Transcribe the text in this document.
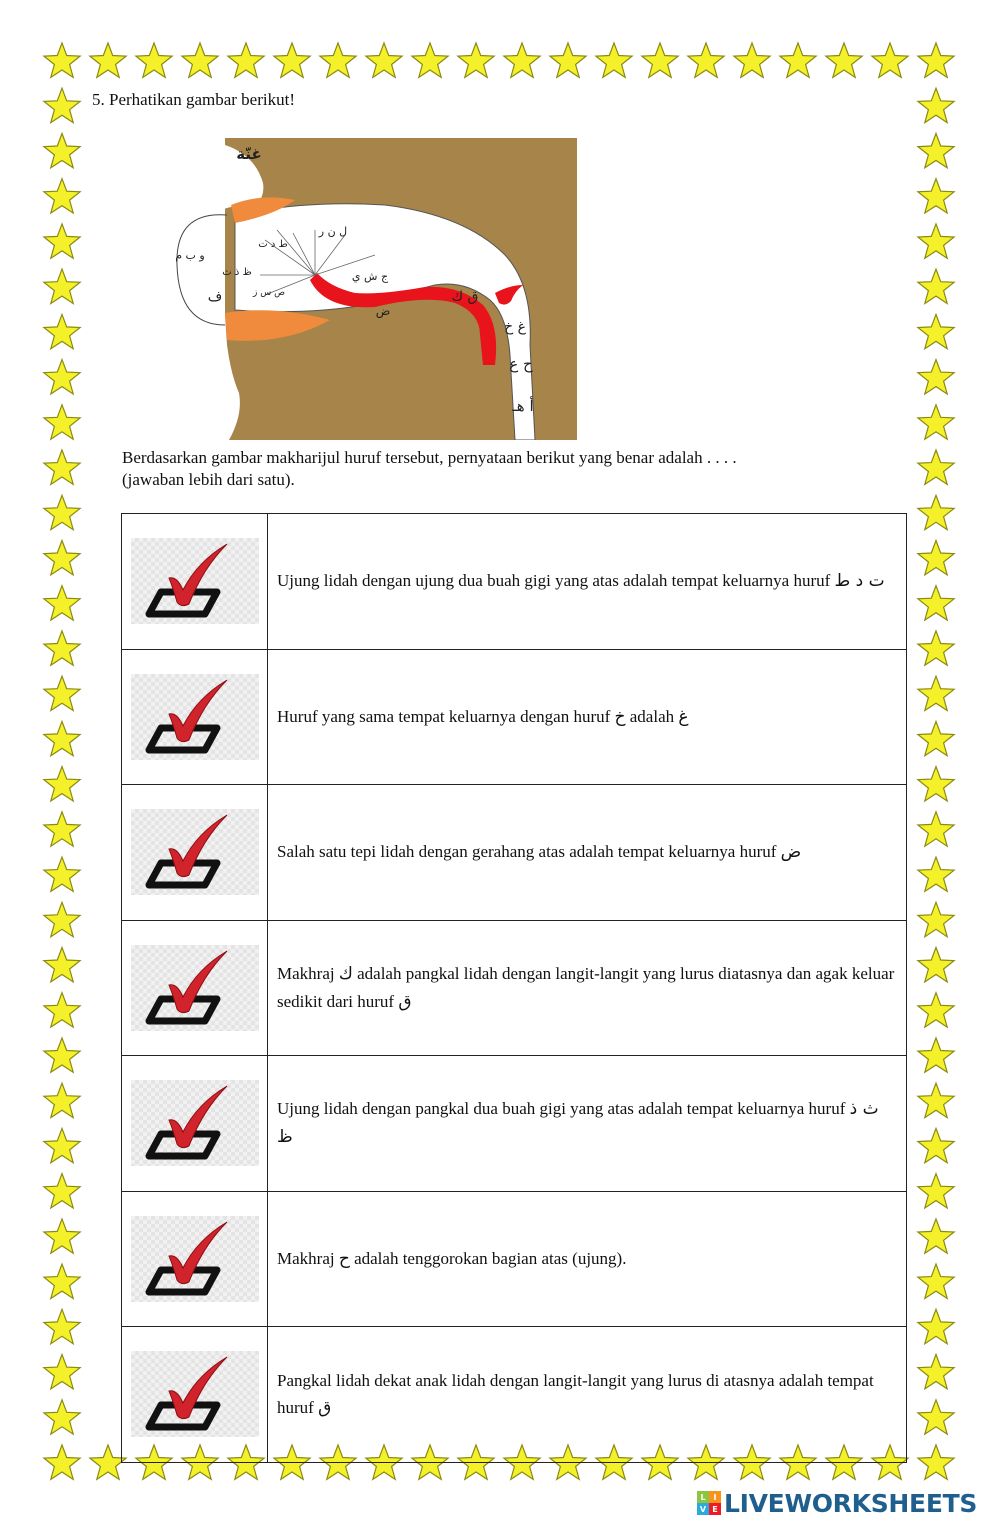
5. Perhatikan gambar berikut!
غنّة
و ب م
ف
ظ ذ ث
ط د ت
ل ن ر
ص س ز
ج ش ي
ض
ق ك
غ خ
ح ع
أ هـ
Berdasarkan gambar makharijul huruf tersebut, pernyataan berikut yang benar adalah . . . .
(jawaban lebih dari satu).
	Ujung lidah dengan ujung dua buah gigi yang atas adalah tempat keluarnya huruf ت د ط

	Huruf yang sama tempat keluarnya dengan huruf خ adalah غ

	Salah satu tepi lidah dengan gerahang atas adalah tempat keluarnya huruf ض

	Makhraj ك adalah pangkal lidah dengan langit-langit yang lurus diatasnya dan agak keluar sedikit dari huruf ق

	Ujung lidah dengan pangkal dua buah gigi yang atas adalah tempat keluarnya huruf ث ذ ظ

	Makhraj ح adalah tenggorokan bagian atas (ujung).

	Pangkal lidah dekat anak lidah dengan langit-langit yang lurus di atasnya adalah tempat huruf ق
L I
V E LIVEWORKSHEETS
